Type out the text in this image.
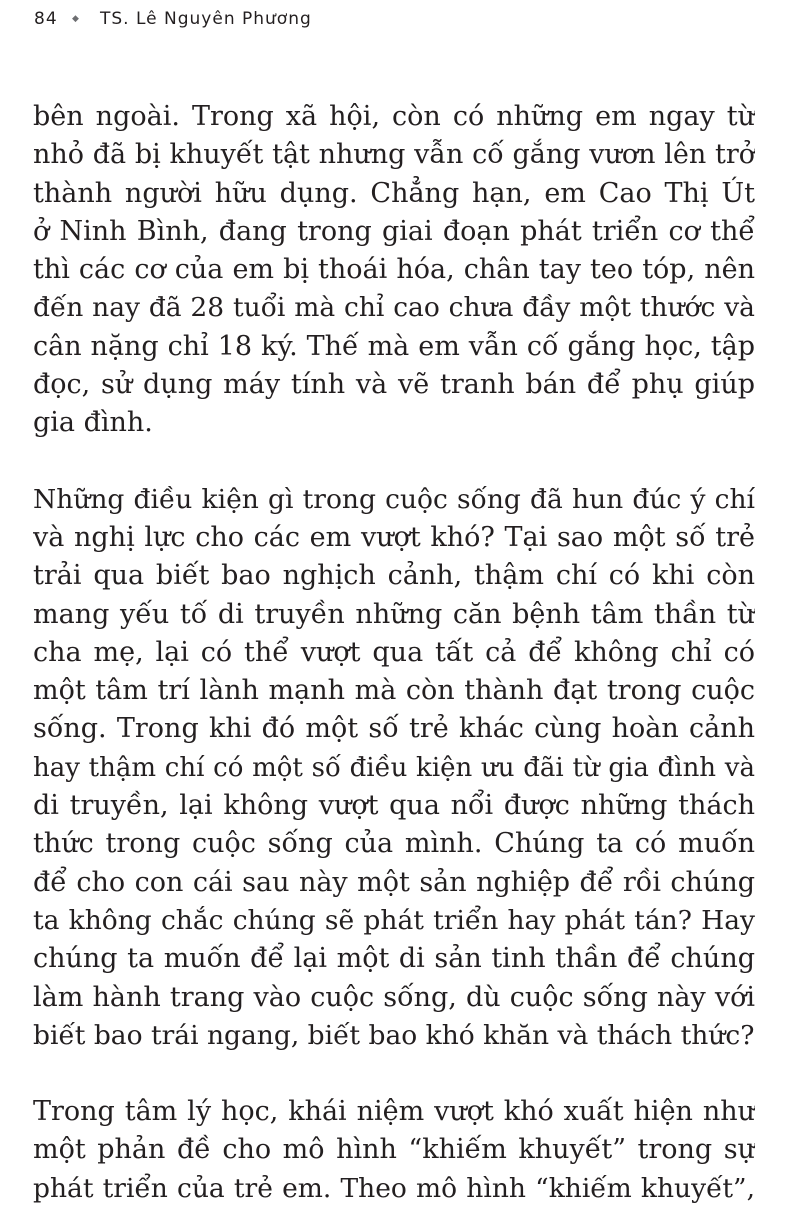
84	◆	TS. Lê Nguyên Phương

bên ngoài. Trong xã hội, còn có những em ngay từ
nhỏ đã bị khuyết tật nhưng vẫn cố gắng vươn lên trở
thành người hữu dụng. Chẳng hạn, em Cao Thị Út
ở Ninh Bình, đang trong giai đoạn phát triển cơ thể
thì các cơ của em bị thoái hóa, chân tay teo tóp, nên
đến nay đã 28 tuổi mà chỉ cao chưa đầy một thước và
cân nặng chỉ 18 ký. Thế mà em vẫn cố gắng học, tập
đọc, sử dụng máy tính và vẽ tranh bán để phụ giúp
gia đình.

Những điều kiện gì trong cuộc sống đã hun đúc ý chí
và nghị lực cho các em vượt khó? Tại sao một số trẻ
trải qua biết bao nghịch cảnh, thậm chí có khi còn
mang yếu tố di truyền những căn bệnh tâm thần từ
cha mẹ, lại có thể vượt qua tất cả để không chỉ có
một tâm trí lành mạnh mà còn thành đạt trong cuộc
sống. Trong khi đó một số trẻ khác cùng hoàn cảnh
hay thậm chí có một số điều kiện ưu đãi từ gia đình và
di truyền, lại không vượt qua nổi được những thách
thức trong cuộc sống của mình. Chúng ta có muốn
để cho con cái sau này một sản nghiệp để rồi chúng
ta không chắc chúng sẽ phát triển hay phát tán? Hay
chúng ta muốn để lại một di sản tinh thần để chúng
làm hành trang vào cuộc sống, dù cuộc sống này với
biết bao trái ngang, biết bao khó khăn và thách thức?

Trong tâm lý học, khái niệm vượt khó xuất hiện như
một phản đề cho mô hình “khiếm khuyết” trong sự
phát triển của trẻ em. Theo mô hình “khiếm khuyết”,
